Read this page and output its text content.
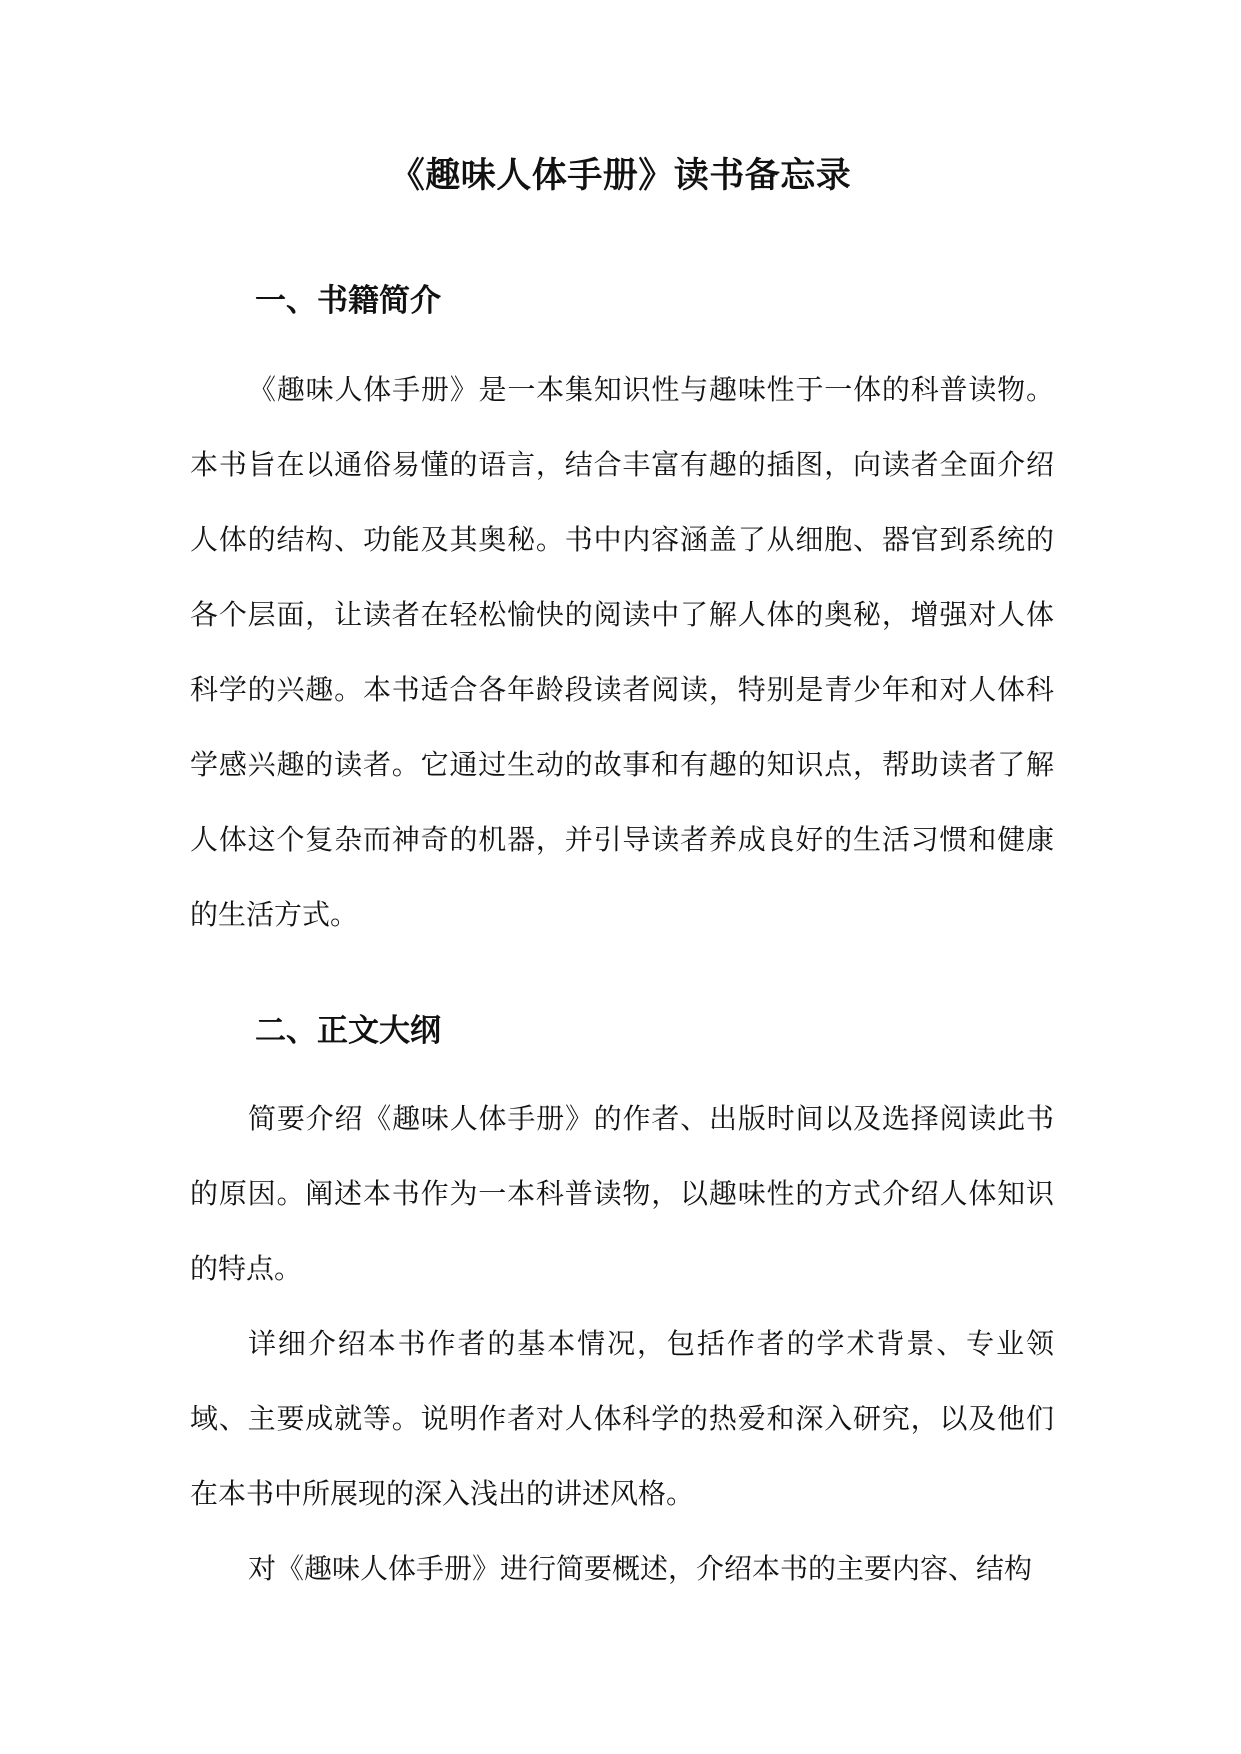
《趣味人体手册》读书备忘录
一、书籍简介

《趣味人体手册》是一本集知识性与趣味性于一体的科普读物。本书旨在以通俗易懂的语言，结合丰富有趣的插图，向读者全面介绍人体的结构、功能及其奥秘。书中内容涵盖了从细胞、器官到系统的各个层面，让读者在轻松愉快的阅读中了解人体的奥秘，增强对人体科学的兴趣。本书适合各年龄段读者阅读，特别是青少年和对人体科学感兴趣的读者。它通过生动的故事和有趣的知识点，帮助读者了解人体这个复杂而神奇的机器，并引导读者养成良好的生活习惯和健康的生活方式。

二、正文大纲

简要介绍《趣味人体手册》的作者、出版时间以及选择阅读此书的原因。阐述本书作为一本科普读物，以趣味性的方式介绍人体知识的特点。

详细介绍本书作者的基本情况，包括作者的学术背景、专业领域、主要成就等。说明作者对人体科学的热爱和深入研究，以及他们在本书中所展现的深入浅出的讲述风格。

对《趣味人体手册》进行简要概述，介绍本书的主要内容、结构
